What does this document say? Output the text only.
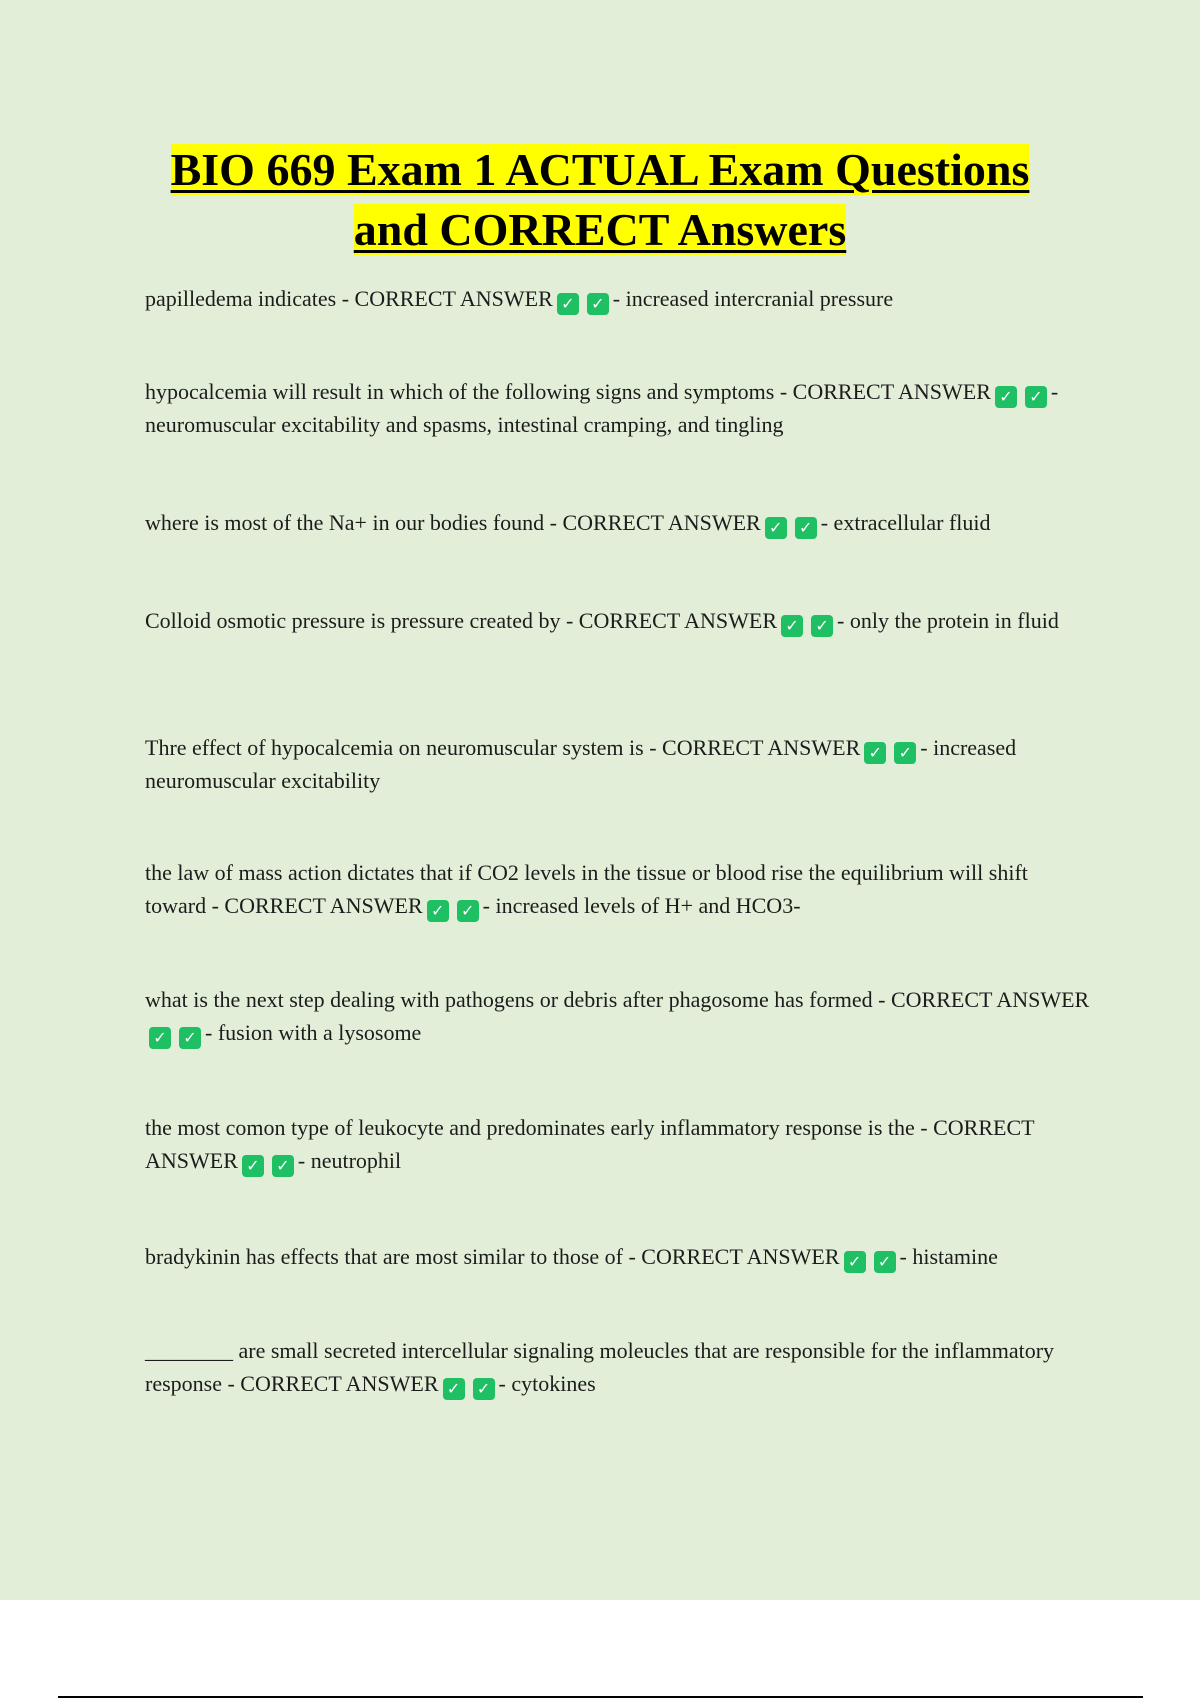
BIO 669 Exam 1 ACTUAL Exam Questions
and CORRECT Answers

papilledema indicates - CORRECT ANSWER ✓ ✓ - increased intercranial pressure

hypocalcemia will result in which of the following signs and symptoms - CORRECT ANSWER ✓ ✓ - neuromuscular excitability and spasms, intestinal cramping, and tingling

where is most of the Na+ in our bodies found - CORRECT ANSWER ✓ ✓ - extracellular fluid

Colloid osmotic pressure is pressure created by - CORRECT ANSWER ✓ ✓ - only the protein in fluid

Thre effect of hypocalcemia on neuromuscular system is - CORRECT ANSWER ✓ ✓ - increased neuromuscular excitability

the law of mass action dictates that if CO2 levels in the tissue or blood rise the equilibrium will shift toward - CORRECT ANSWER ✓ ✓ - increased levels of H+ and HCO3-

what is the next step dealing with pathogens or debris after phagosome has formed - CORRECT ANSWER✓ ✓ - fusion with a lysosome

the most comon type of leukocyte and predominates early inflammatory response is the - CORRECT ANSWER ✓ ✓ - neutrophil

bradykinin has effects that are most similar to those of - CORRECT ANSWER ✓ ✓ - histamine

________ are small secreted intercellular signaling moleucles that are responsible for the inflammatory response - CORRECT ANSWER ✓ ✓ - cytokines
